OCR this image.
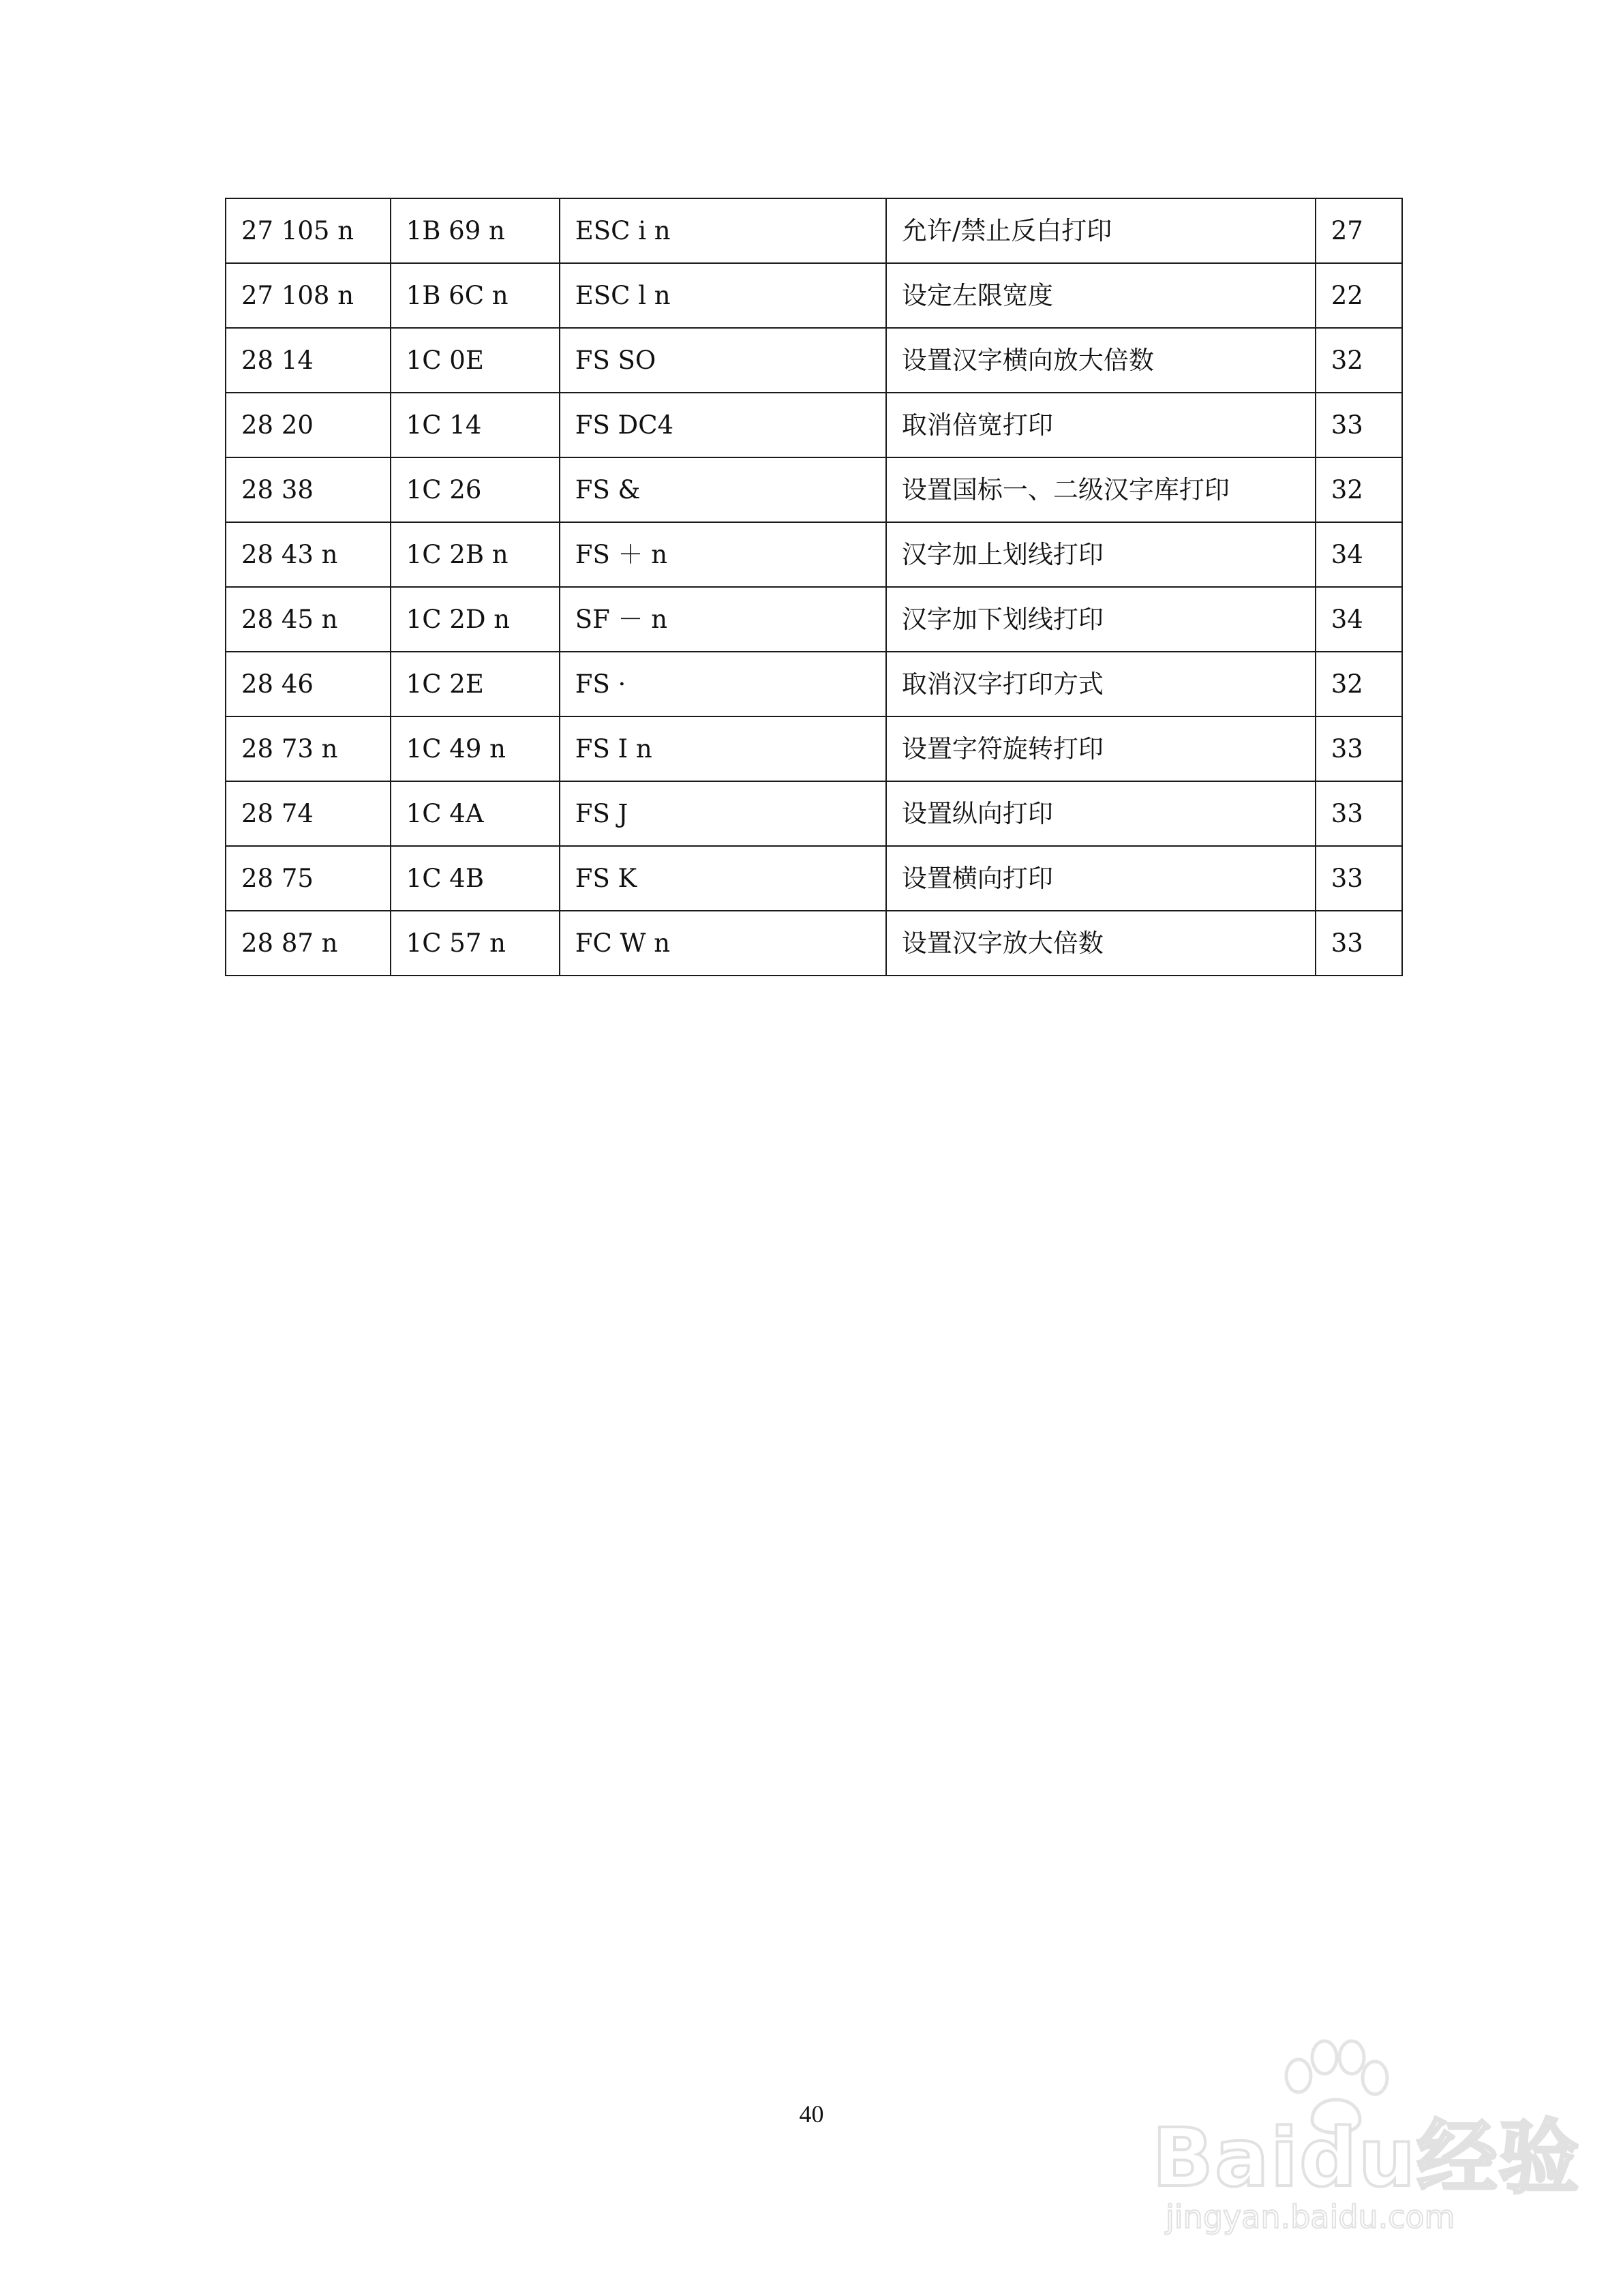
27 105 n	1B 69 n	ESC i n	允许/禁止反白打印	27
27 108 n	1B 6C n	ESC l n	设定左限宽度	22
28 14	1C 0E	FS SO	设置汉字横向放大倍数	32
28 20	1C 14	FS DC4	取消倍宽打印	33
28 38	1C 26	FS &	设置国标一、二级汉字库打印	32
28 43 n	1C 2B n	FS ＋ n	汉字加上划线打印	34
28 45 n	1C 2D n	SF － n	汉字加下划线打印	34
28 46	1C 2E	FS ·	取消汉字打印方式	32
28 73 n	1C 49 n	FS I n	设置字符旋转打印	33
28 74	1C 4A	FS J	设置纵向打印	33
28 75	1C 4B	FS K	设置横向打印	33
28 87 n	1C 57 n	FC W n	设置汉字放大倍数	33
40	Baidu经验
jingyan.baidu.com
